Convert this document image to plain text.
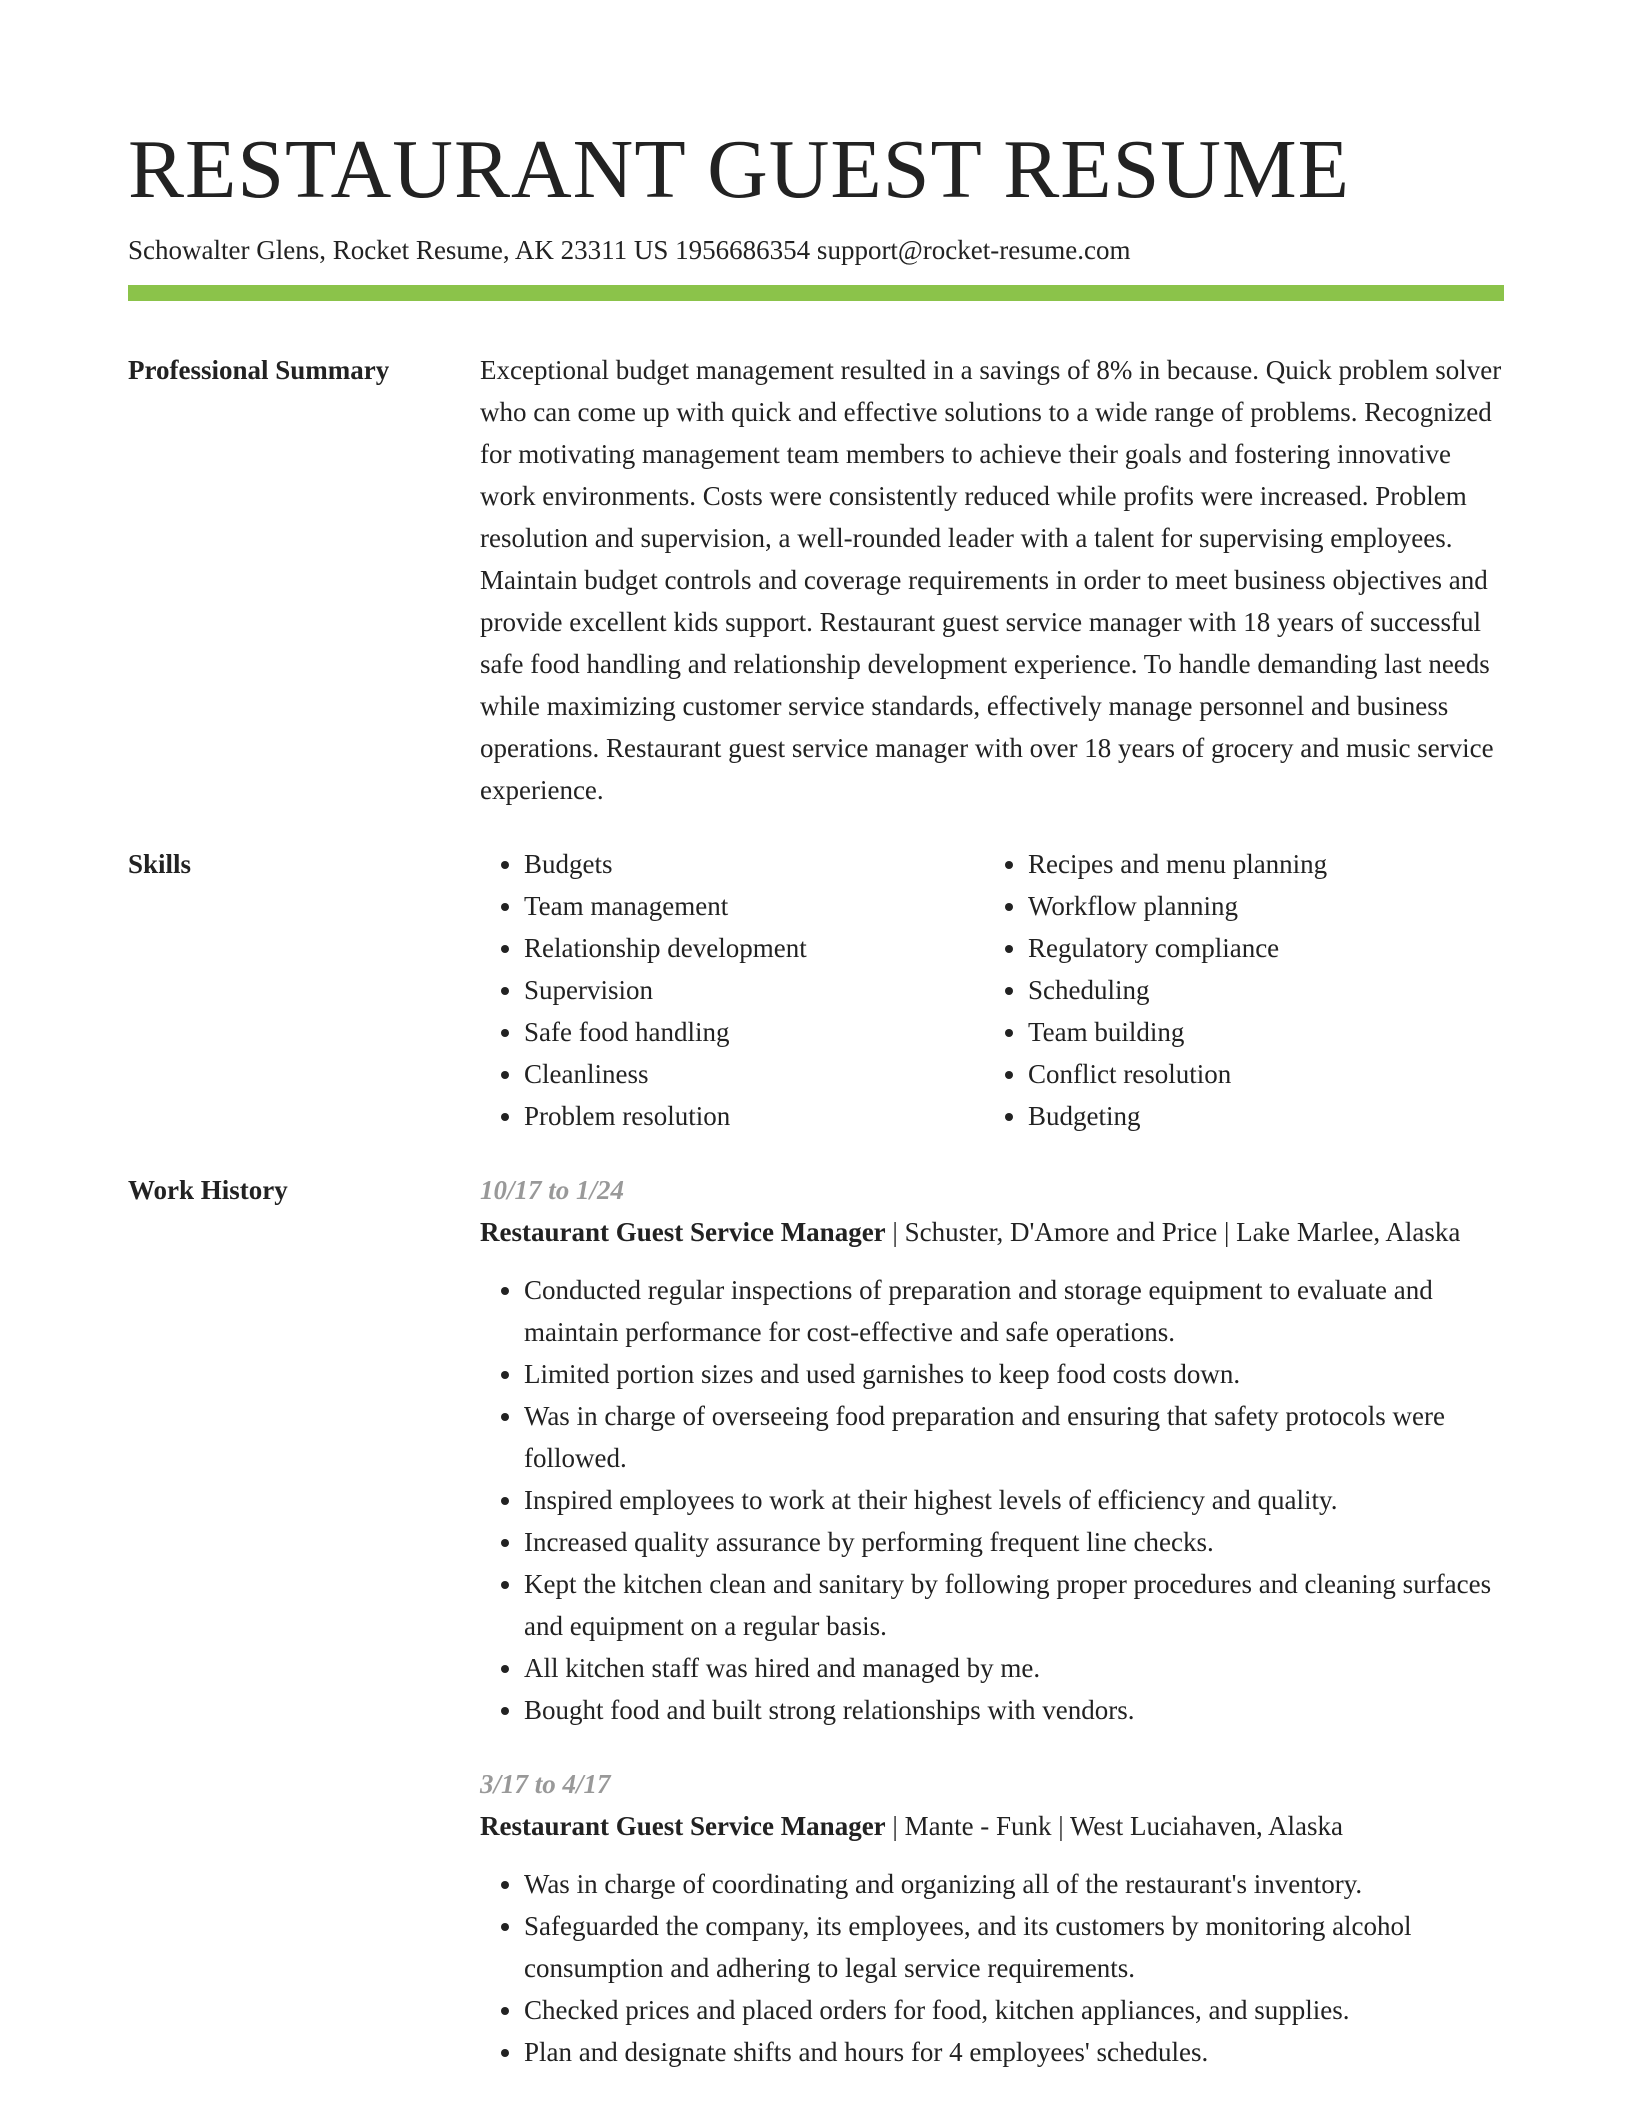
RESTAURANT GUEST RESUME
Schowalter Glens, Rocket Resume, AK 23311 US 1956686354 support@rocket-resume.com
Professional Summary	Exceptional budget management resulted in a savings of 8% in because. Quick problem solver who can come up with quick and effective solutions to a wide range of problems. Recognized for motivating management team members to achieve their goals and fostering innovative work environments. Costs were consistently reduced while profits were increased. Problem resolution and supervision, a well-rounded leader with a talent for supervising employees. Maintain budget controls and coverage requirements in order to meet business objectives and provide excellent kids support. Restaurant guest service manager with 18 years of successful safe food handling and relationship development experience. To handle demanding last needs while maximizing customer service standards, effectively manage personnel and business operations. Restaurant guest service manager with over 18 years of grocery and music service experience.

Skills
•	Budgets
• Team management
• Relationship development
• Supervision
• Safe food handling
• Cleanliness
• Problem resolution
• Recipes and menu planning
• Workflow planning
• Regulatory compliance
• Scheduling
• Team building
• Conflict resolution
• Budgeting
Work History	10/17 to 1/24

Restaurant Guest Service Manager | Schuster, D'Amore and Price | Lake Marlee, Alaska

• Conducted regular inspections of preparation and storage equipment to evaluate and maintain performance for cost-effective and safe operations.
• Limited portion sizes and used garnishes to keep food costs down.
• Was in charge of overseeing food preparation and ensuring that safety protocols were followed.
• Inspired employees to work at their highest levels of efficiency and quality.
• Increased quality assurance by performing frequent line checks.
• Kept the kitchen clean and sanitary by following proper procedures and cleaning surfaces and equipment on a regular basis.
• All kitchen staff was hired and managed by me.
• Bought food and built strong relationships with vendors.
3/17 to 4/17

Restaurant Guest Service Manager | Mante - Funk | West Luciahaven, Alaska

• Was in charge of coordinating and organizing all of the restaurant's inventory.
• Safeguarded the company, its employees, and its customers by monitoring alcohol consumption and adhering to legal service requirements.
• Checked prices and placed orders for food, kitchen appliances, and supplies.
• Plan and designate shifts and hours for 4 employees' schedules.
